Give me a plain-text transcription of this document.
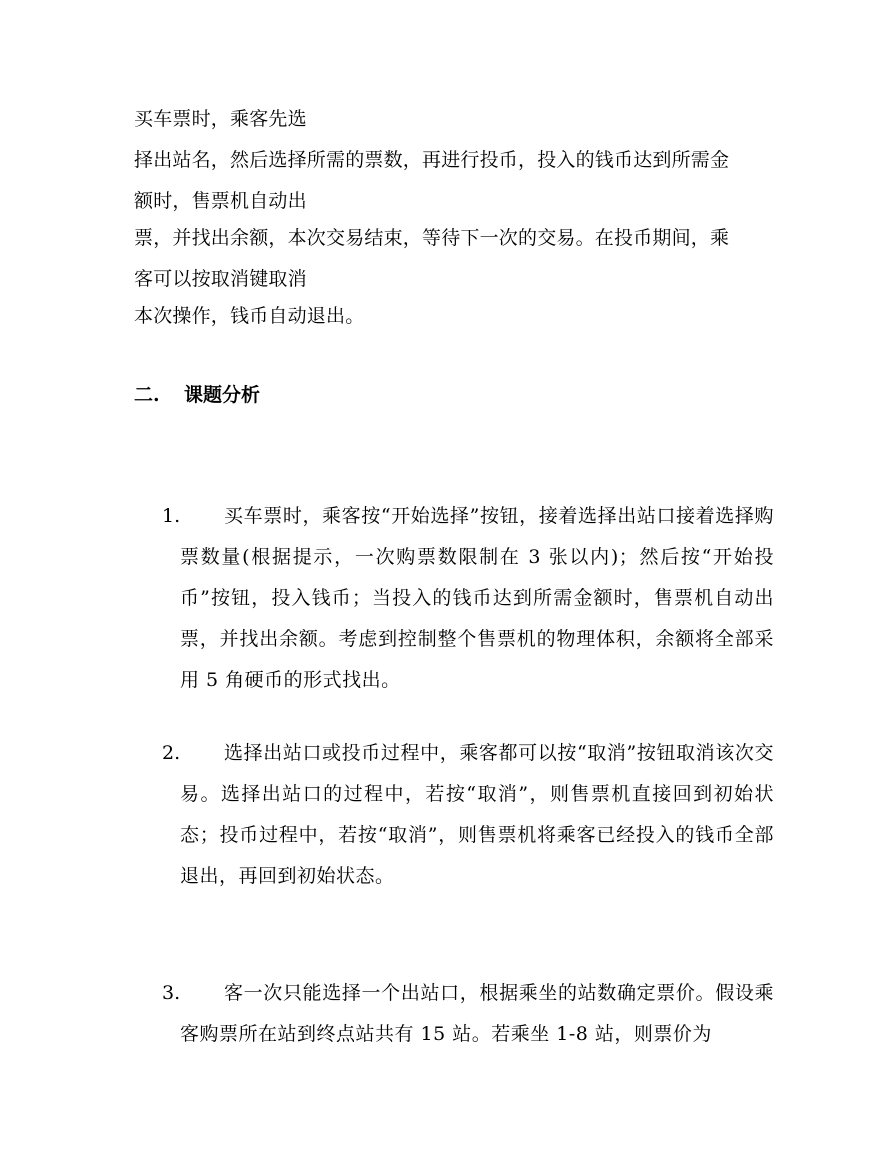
买车票时，乘客先选
择出站名，然后选择所需的票数，再进行投币，投入的钱币达到所需金
额时，售票机自动出
票，并找出余额，本次交易结束，等待下一次的交易。在投币期间，乘
客可以按取消键取消
本次操作，钱币自动退出。
二. 课题分析
1.	买车票时，乘客按“开始选择”按钮，接着选择出站口接着选择购票数量(根据提示，一次购票数限制在 3 张以内)；然后按“开始投币”按钮，投入钱币；当投入的钱币达到所需金额时，售票机自动出票，并找出余额。考虑到控制整个售票机的物理体积，余额将全部采用 5 角硬币的形式找出。
2.	选择出站口或投币过程中，乘客都可以按“取消”按钮取消该次交易。选择出站口的过程中，若按“取消”，则售票机直接回到初始状态；投币过程中，若按“取消”，则售票机将乘客已经投入的钱币全部退出，再回到初始状态。
3.	客一次只能选择一个出站口，根据乘坐的站数确定票价。假设乘客购票所在站到终点站共有 15 站。若乘坐 1-8 站，则票价为
